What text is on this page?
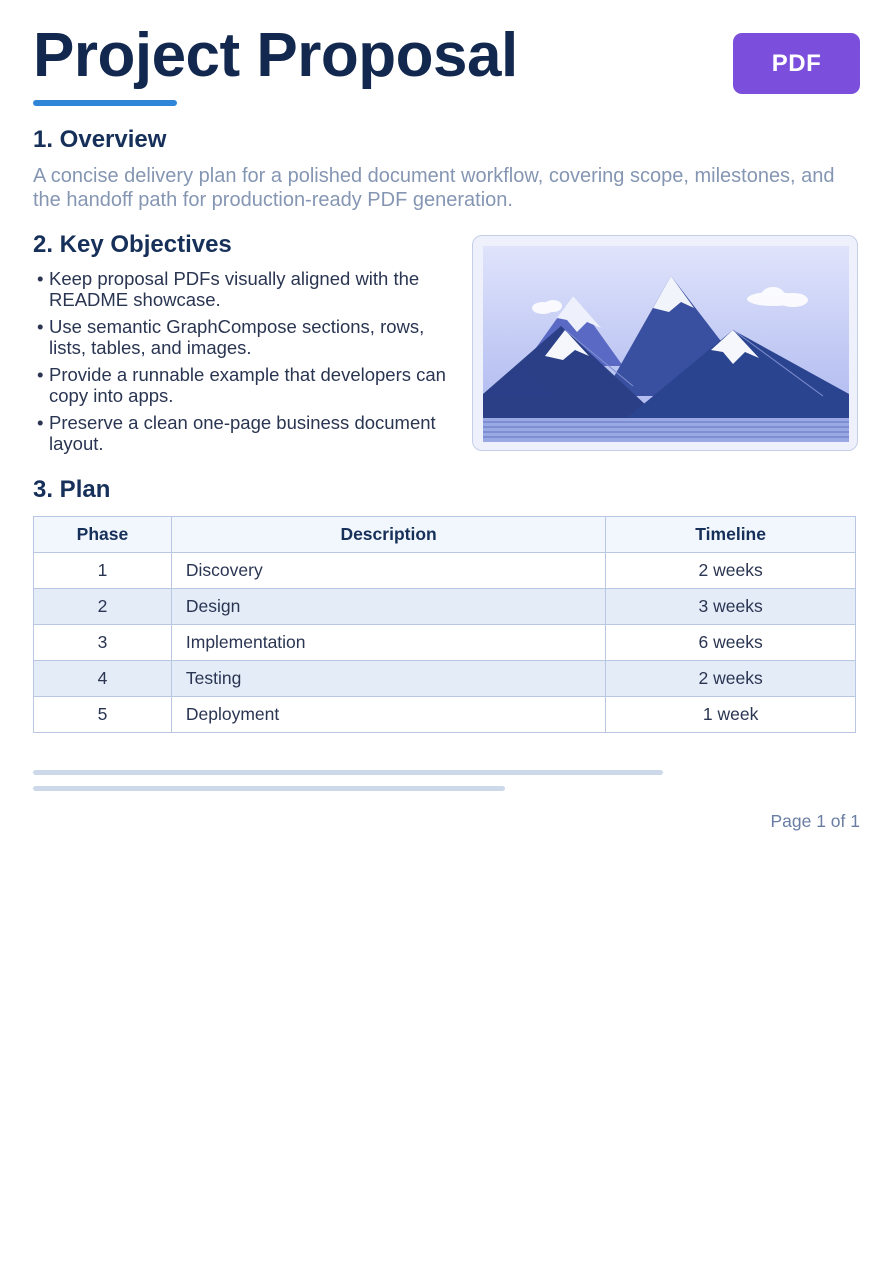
Project Proposal	PDF
1. Overview

A concise delivery plan for a polished document workflow, covering scope, milestones, and the handoff path for production-ready PDF generation.

2. Key Objectives
• Keep proposal PDFs visually aligned with the README showcase.
• Use semantic GraphCompose sections, rows, lists, tables, and images.
• Provide a runnable example that developers can copy into apps.
• Preserve a clean one-page business document layout.
3. Plan
Phase	Description	Timeline
1	Discovery	2 weeks
2	Design	3 weeks
3	Implementation	6 weeks
4	Testing	2 weeks
5	Deployment	1 week
Page 1 of 1
